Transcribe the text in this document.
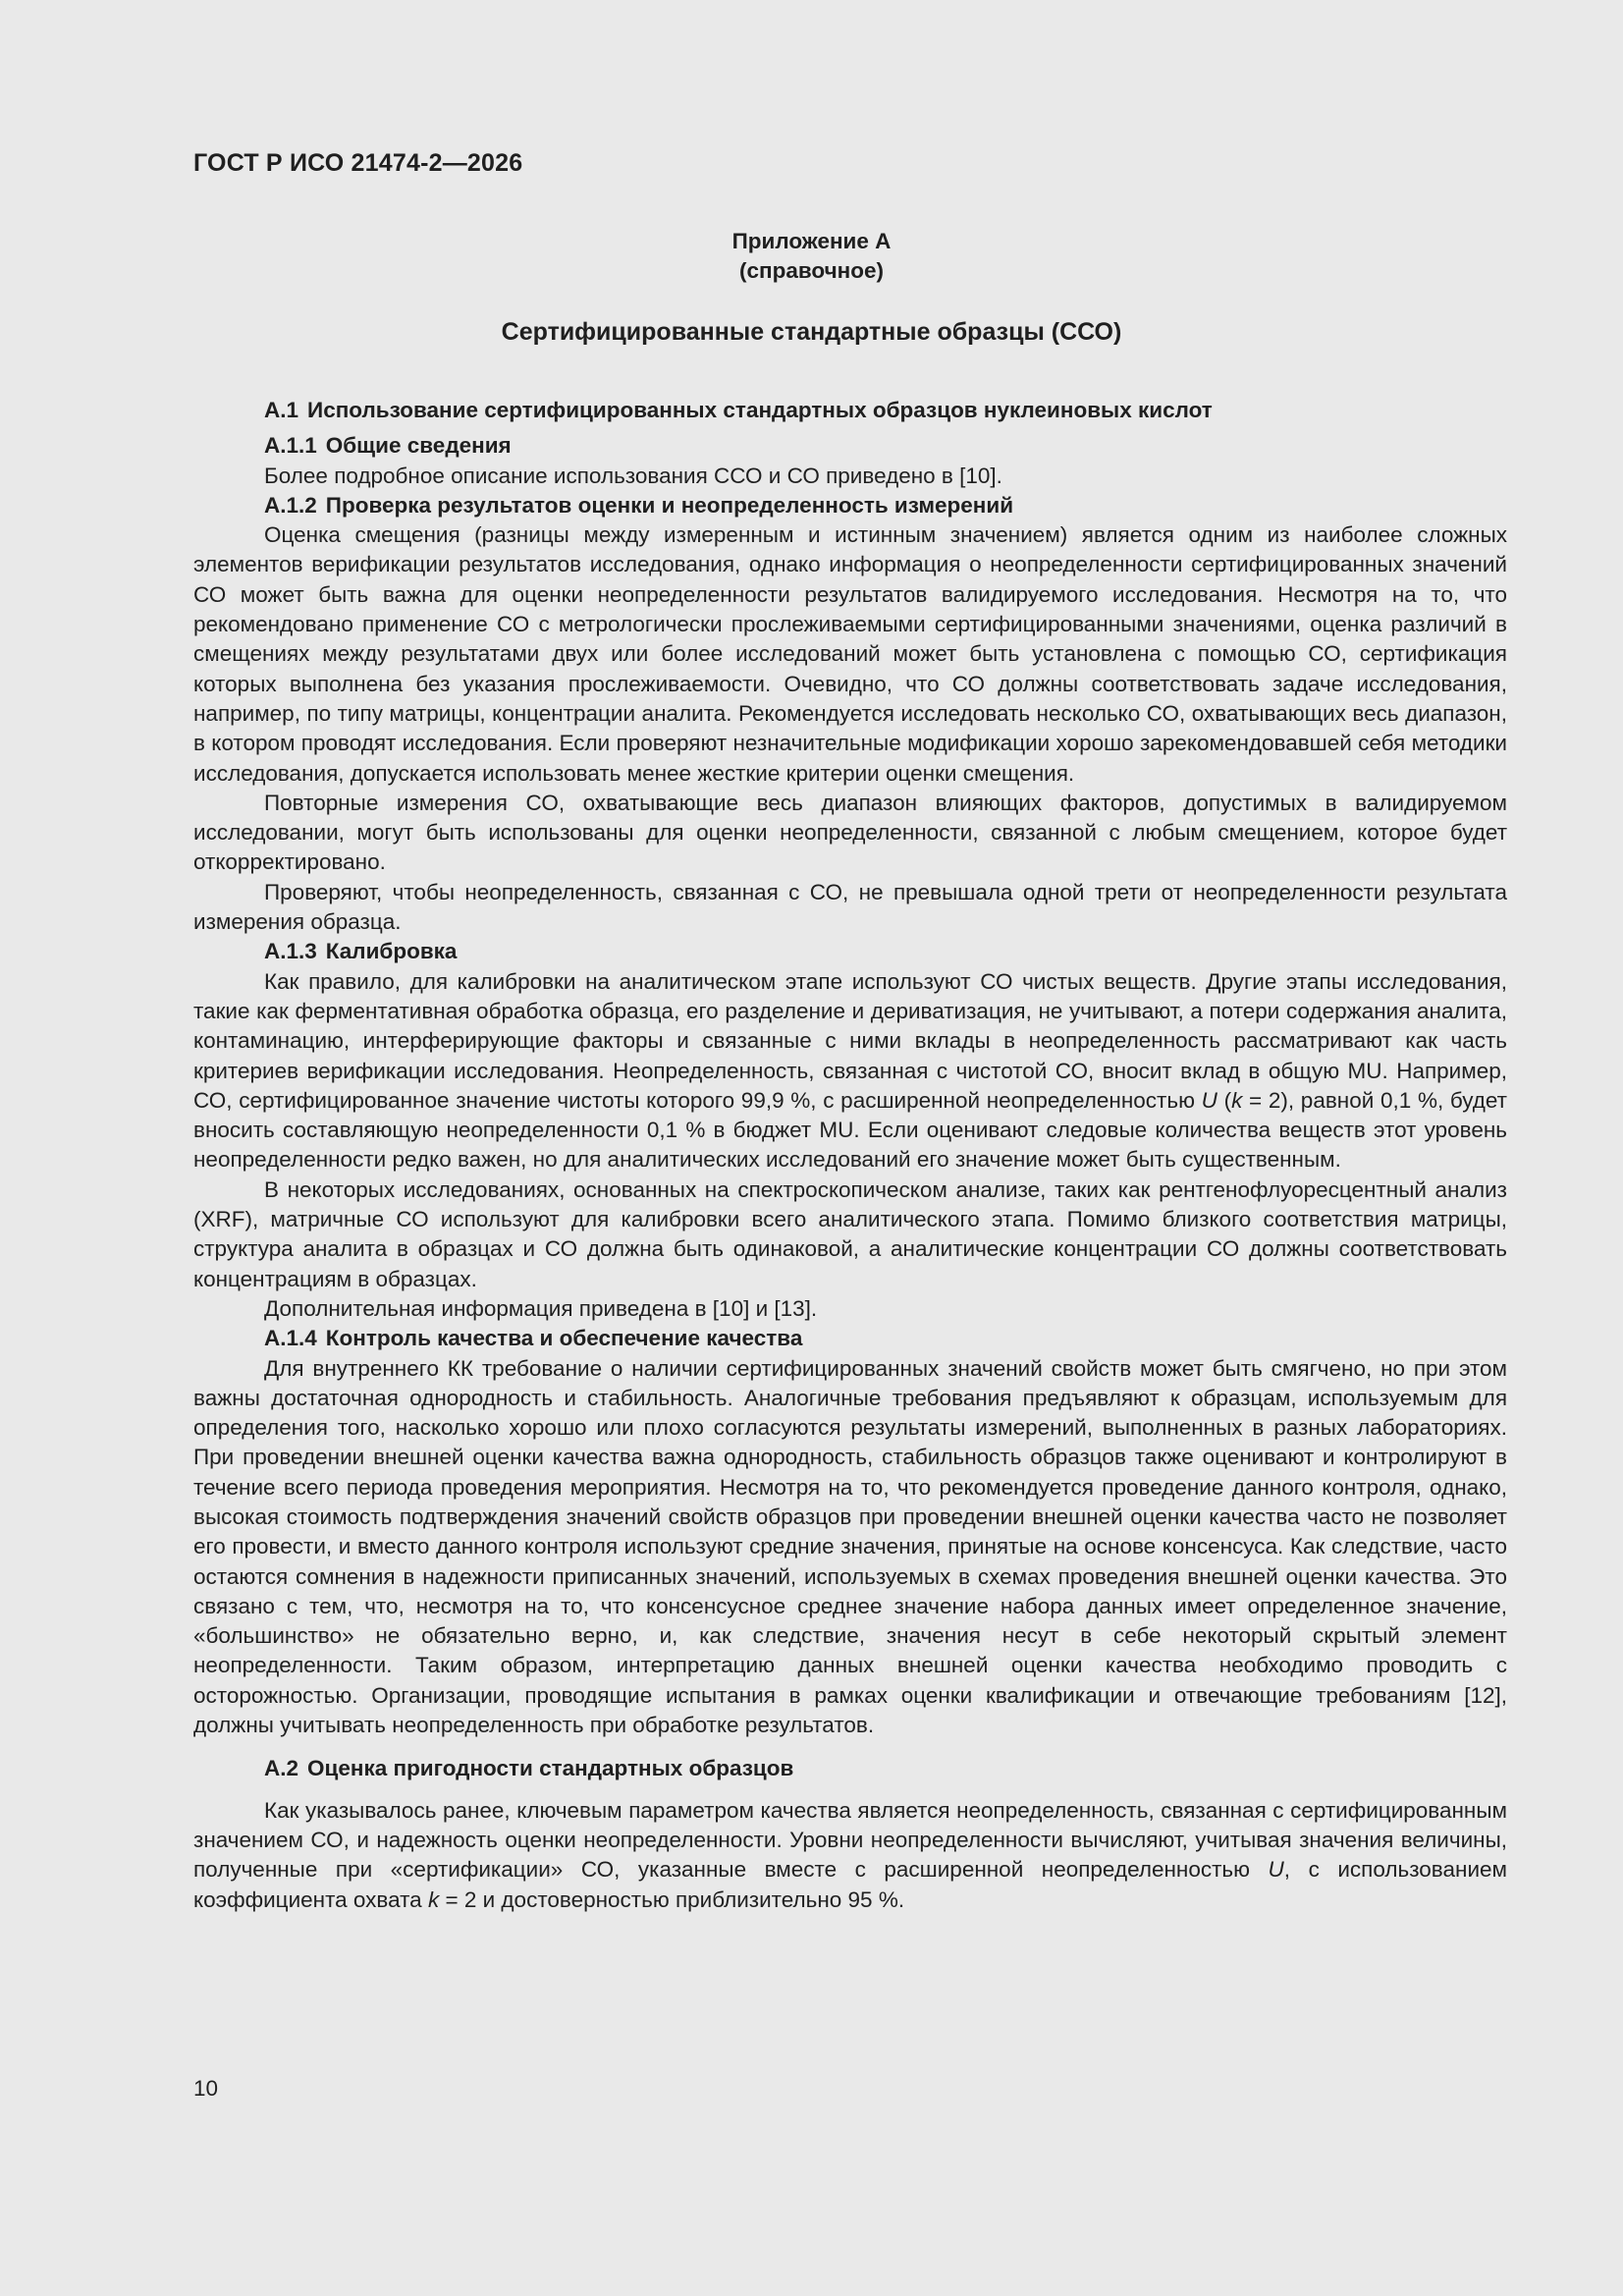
ГОСТ Р ИСО 21474-2—2026
Приложение А
(справочное)
Сертифицированные стандартные образцы (ССО)
А.1 Использование сертифицированных стандартных образцов нуклеиновых кислот
А.1.1 Общие сведения

Более подробное описание использования ССО и СО приведено в [10].

А.1.2 Проверка результатов оценки и неопределенность измерений

Оценка смещения (разницы между измеренным и истинным значением) является одним из наиболее сложных элементов верификации результатов исследования, однако информация о неопределенности сертифицированных значений СО может быть важна для оценки неопределенности результатов валидируемого исследования. Несмотря на то, что рекомендовано применение СО с метрологически прослеживаемыми сертифицированными значениями, оценка различий в смещениях между результатами двух или более исследований может быть установлена с помощью СО, сертификация которых выполнена без указания прослеживаемости. Очевидно, что СО должны соответствовать задаче исследования, например, по типу матрицы, концентрации аналита. Рекомендуется исследовать несколько СО, охватывающих весь диапазон, в котором проводят исследования. Если проверяют незначительные модификации хорошо зарекомендовавшей себя методики исследования, допускается использовать менее жесткие критерии оценки смещения.

Повторные измерения СО, охватывающие весь диапазон влияющих факторов, допустимых в валидируемом исследовании, могут быть использованы для оценки неопределенности, связанной с любым смещением, которое будет откорректировано.

Проверяют, чтобы неопределенность, связанная с СО, не превышала одной трети от неопределенности результата измерения образца.

А.1.3 Калибровка

Как правило, для калибровки на аналитическом этапе используют СО чистых веществ. Другие этапы исследования, такие как ферментативная обработка образца, его разделение и дериватизация, не учитывают, а потери содержания аналита, контаминацию, интерферирующие факторы и связанные с ними вклады в неопределенность рассматривают как часть критериев верификации исследования. Неопределенность, связанная с чистотой СО, вносит вклад в общую MU. Например, СО, сертифицированное значение чистоты которого 99,9 %, с расширенной неопределенностью U (k = 2), равной 0,1 %, будет вносить составляющую неопределенности 0,1 % в бюджет MU. Если оценивают следовые количества веществ этот уровень неопределенности редко важен, но для аналитических исследований его значение может быть существенным.

В некоторых исследованиях, основанных на спектроскопическом анализе, таких как рентгенофлуоресцентный анализ (XRF), матричные СО используют для калибровки всего аналитического этапа. Помимо близкого соответствия матрицы, структура аналита в образцах и СО должна быть одинаковой, а аналитические концентрации СО должны соответствовать концентрациям в образцах.

Дополнительная информация приведена в [10] и [13].

А.1.4 Контроль качества и обеспечение качества

Для внутреннего КК требование о наличии сертифицированных значений свойств может быть смягчено, но при этом важны достаточная однородность и стабильность. Аналогичные требования предъявляют к образцам, используемым для определения того, насколько хорошо или плохо согласуются результаты измерений, выполненных в разных лабораториях. При проведении внешней оценки качества важна однородность, стабильность образцов также оценивают и контролируют в течение всего периода проведения мероприятия. Несмотря на то, что рекомендуется проведение данного контроля, однако, высокая стоимость подтверждения значений свойств образцов при проведении внешней оценки качества часто не позволяет его провести, и вместо данного контроля используют средние значения, принятые на основе консенсуса. Как следствие, часто остаются сомнения в надежности приписанных значений, используемых в схемах проведения внешней оценки качества. Это связано с тем, что, несмотря на то, что консенсусное среднее значение набора данных имеет определенное значение, «большинство» не обязательно верно, и, как следствие, значения несут в себе некоторый скрытый элемент неопределенности. Таким образом, интерпретацию данных внешней оценки качества необходимо проводить с осторожностью. Организации, проводящие испытания в рамках оценки квалификации и отвечающие требованиям [12], должны учитывать неопределенность при обработке результатов.

А.2 Оценка пригодности стандартных образцов

Как указывалось ранее, ключевым параметром качества является неопределенность, связанная с сертифицированным значением СО, и надежность оценки неопределенности. Уровни неопределенности вычисляют, учитывая значения величины, полученные при «сертификации» СО, указанные вместе с расширенной неопределенностью U, с использованием коэффициента охвата k = 2 и достоверностью приблизительно 95 %.

10
